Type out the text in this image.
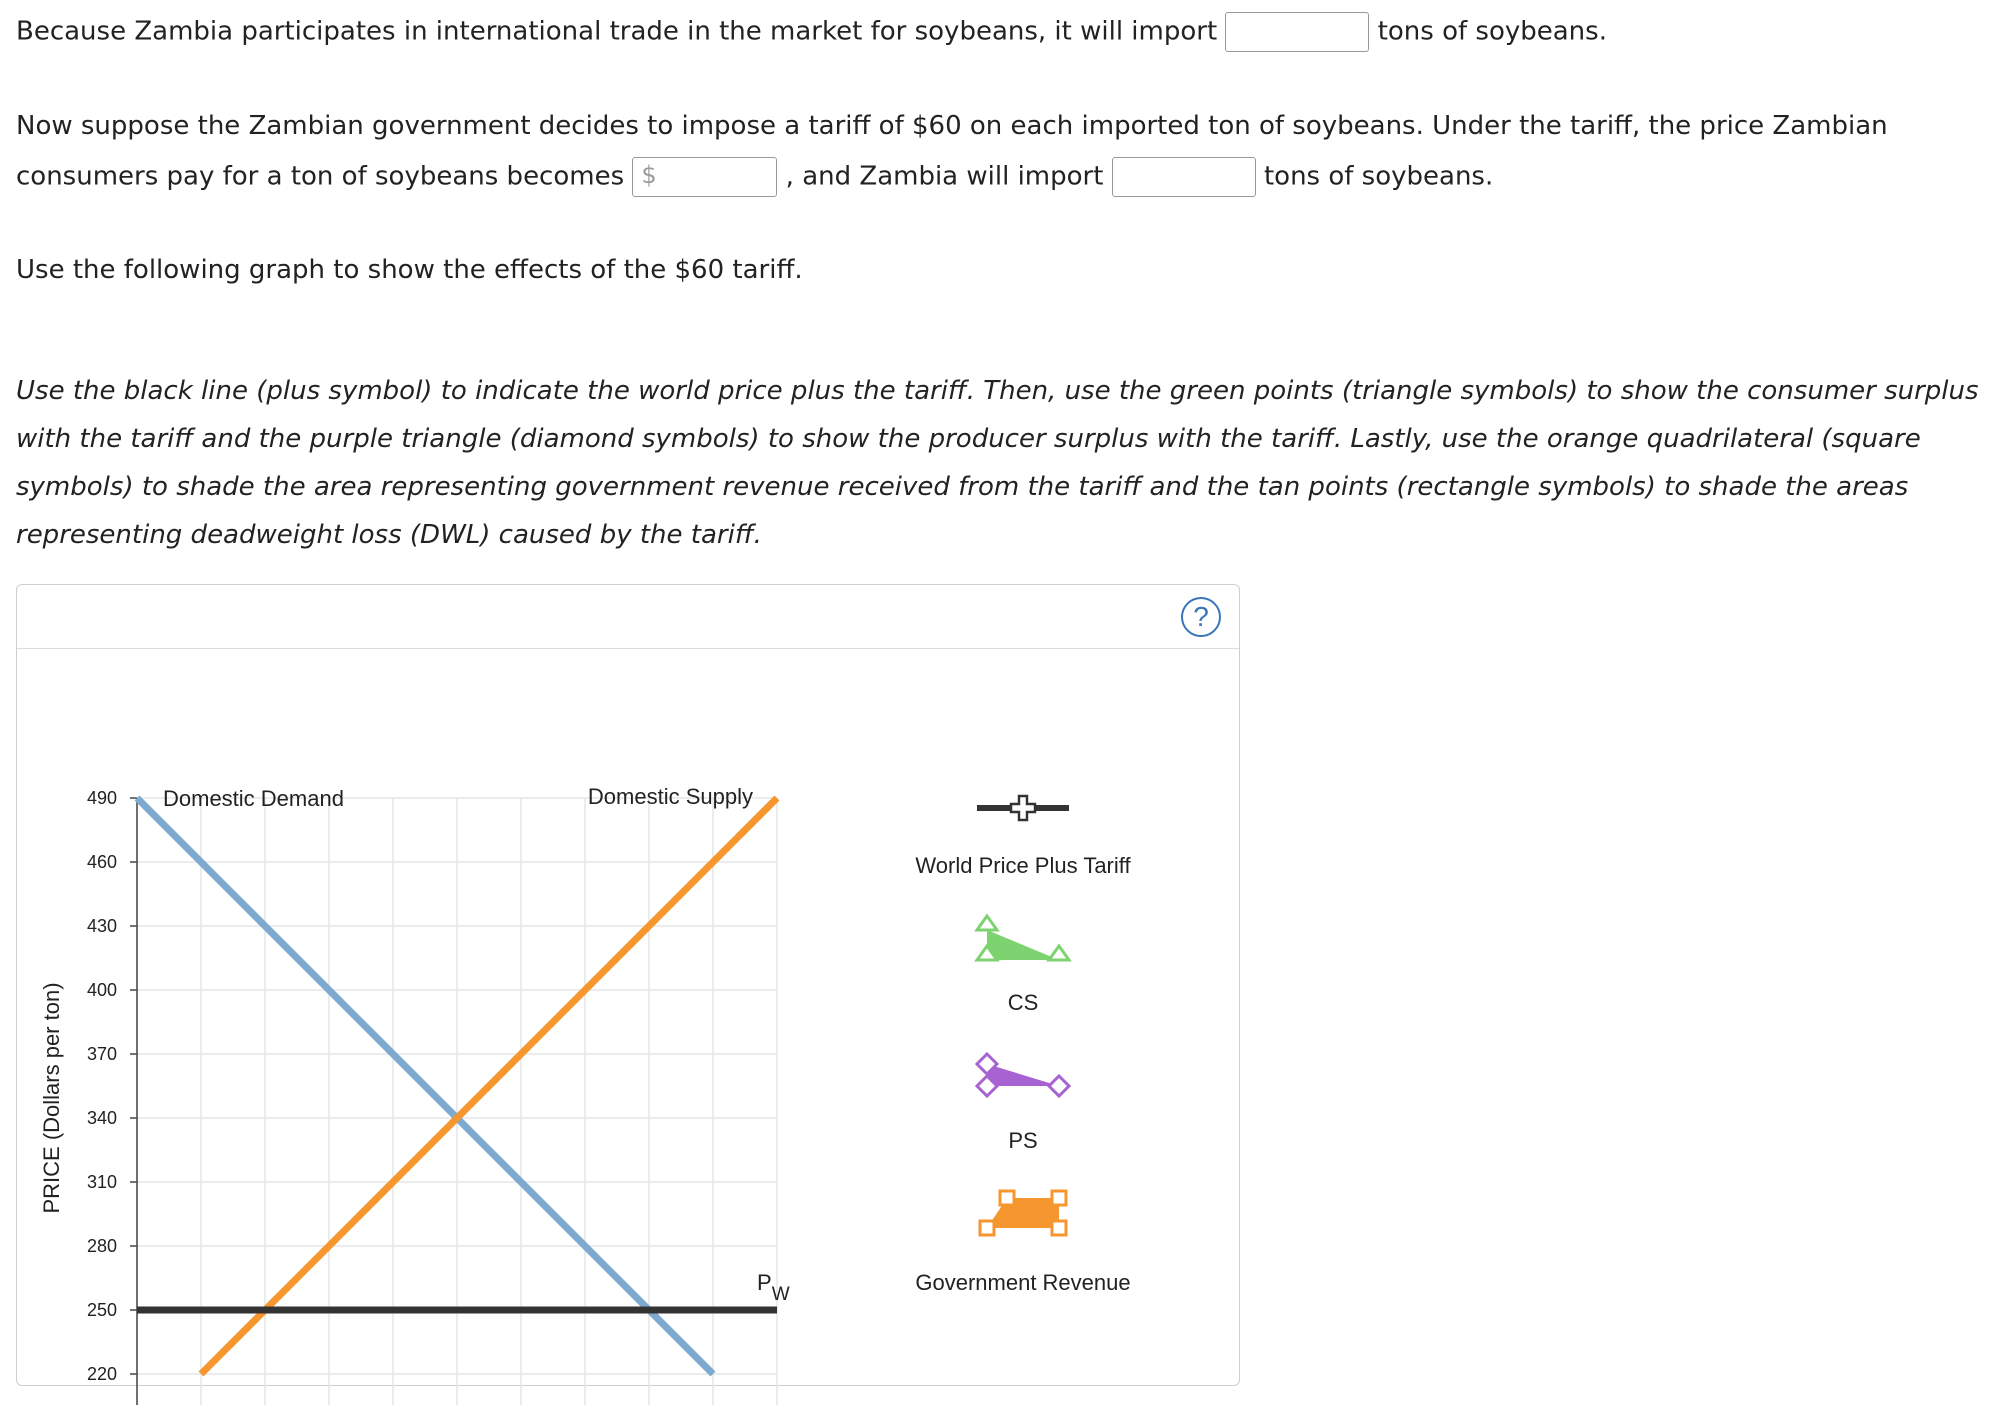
Because Zambia participates in international trade in the market for soybeans, it will import	tons of soybeans.
Now suppose the Zambian government decides to impose a tariff of $60 on each imported ton of soybeans. Under the tariff, the price Zambian
consumers pay for a ton of soybeans becomes $	, and Zambia will import	tons of soybeans.
Use the following graph to show the effects of the $60 tariff.
Use the black line (plus symbol) to indicate the world price plus the tariff. Then, use the green points (triangle symbols) to show the consumer surplus
with the tariff and the purple triangle (diamond symbols) to show the producer surplus with the tariff. Lastly, use the orange quadrilateral (square
symbols) to shade the area representing government revenue received from the tariff and the tan points (rectangle symbols) to shade the areas
representing deadweight loss (DWL) caused by the tariff.
?
490
460
430
400
370
340
310
280
250
220
PRICE (Dollars per ton)
Domestic Demand	Domestic Supply
PW
World Price Plus Tariff
CS
PS
Government Revenue
